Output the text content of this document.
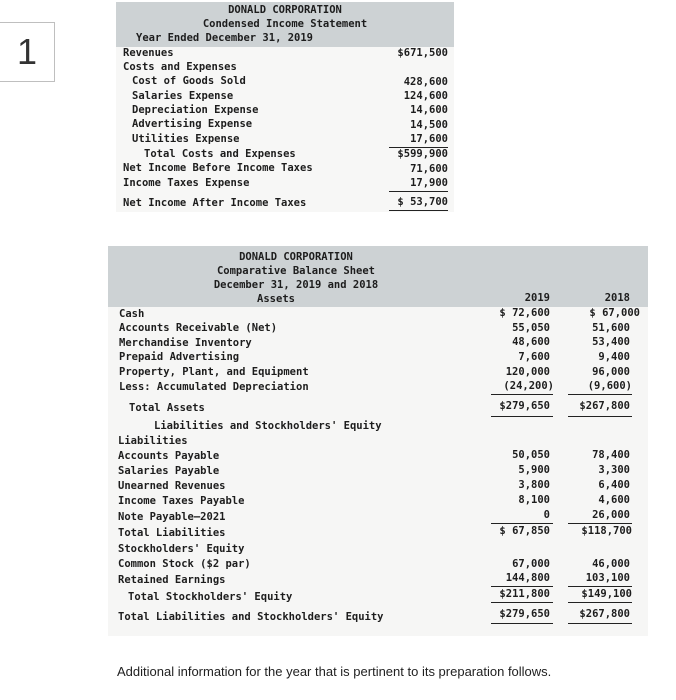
1
DONALD CORPORATION
Condensed Income Statement
Year Ended December 31, 2019
Revenues	$671,500
Costs and Expenses
Cost of Goods Sold	428,600
Salaries Expense	124,600
Depreciation Expense	14,600
Advertising Expense	14,500
Utilities Expense	17,600
Total Costs and Expenses	$599,900
Net Income Before Income Taxes	71,600
Income Taxes Expense	17,900
Net Income After Income Taxes	$ 53,700
DONALD CORPORATION
Comparative Balance Sheet
December 31, 2019 and 2018
Assets	2019	2018
Cash	$ 72,600	$ 67,000
Accounts Receivable (Net)	55,050	51,600
Merchandise Inventory	48,600	53,400
Prepaid Advertising	7,600	9,400
Property, Plant, and Equipment	120,000	96,000
Less: Accumulated Depreciation	(24,200)	(9,600)
Total Assets	$279,650	$267,800
Liabilities and Stockholders' Equity
Liabilities
Accounts Payable	50,050	78,400
Salaries Payable	5,900	3,300
Unearned Revenues	3,800	6,400
Income Taxes Payable	8,100	4,600
Note Payable—2021	0	26,000
Total Liabilities	$ 67,850	$118,700
Stockholders' Equity
Common Stock ($2 par)	67,000	46,000
Retained Earnings	144,800	103,100
Total Stockholders' Equity	$211,800	$149,100
Total Liabilities and Stockholders' Equity	$279,650	$267,800
Additional information for the year that is pertinent to its preparation follows.
